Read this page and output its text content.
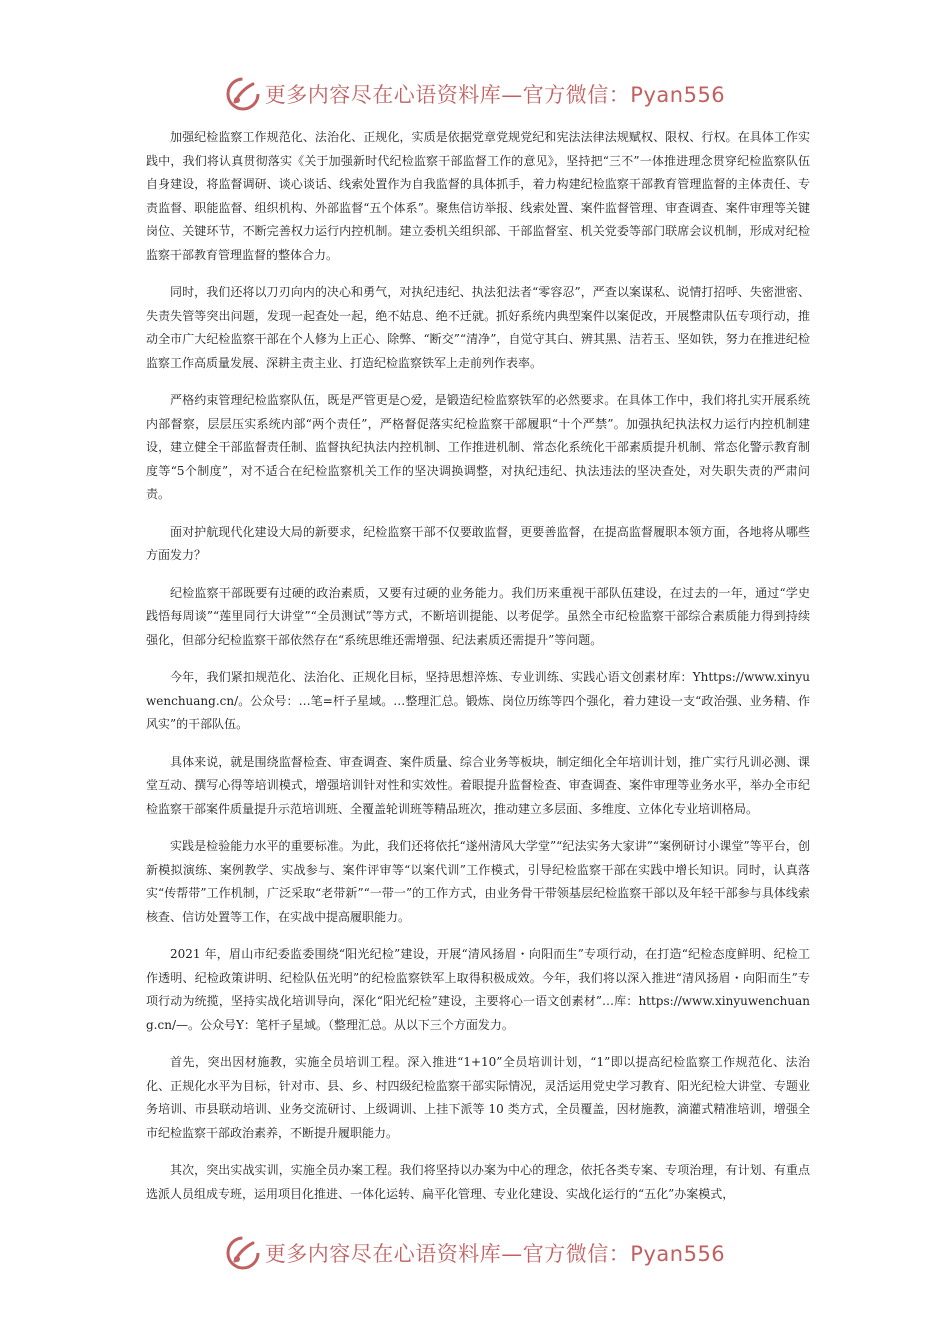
更多内容尽在心语资料库—官方微信：Pyan556

加强纪检监察工作规范化、法治化、正规化，实质是依据党章党规党纪和宪法法律法规赋权、限权、行权。在具体工作实践中，我们将认真贯彻落实《关于加强新时代纪检监察干部监督工作的意见》，坚持把“三不”一体推进理念贯穿纪检监察队伍自身建设，将监督调研、谈心谈话、线索处置作为自我监督的具体抓手，着力构建纪检监察干部教育管理监督的主体责任、专责监督、职能监督、组织机构、外部监督“五个体系”。聚焦信访举报、线索处置、案件监督管理、审查调查、案件审理等关键岗位、关键环节，不断完善权力运行内控机制。建立委机关组织部、干部监督室、机关党委等部门联席会议机制，形成对纪检监察干部教育管理监督的整体合力。

同时，我们还将以刀刃向内的决心和勇气，对执纪违纪、执法犯法者“零容忍”，严查以案谋私、说情打招呼、失密泄密、失责失管等突出问题，发现一起查处一起，绝不姑息、绝不迁就。抓好系统内典型案件以案促改，开展整肃队伍专项行动，推动全市广大纪检监察干部在个人修为上正心、除弊、“断交”“清净”，自觉守其白、辨其黑、洁若玉、坚如铁，努力在推进纪检监察工作高质量发展、深耕主责主业、打造纪检监察铁军上走前列作表率。

严格约束管理纪检监察队伍，既是严管更是○爱，是锻造纪检监察铁军的必然要求。在具体工作中，我们将扎实开展系统内部督察，层层压实系统内部“两个责任”，严格督促落实纪检监察干部履职“十个严禁”。加强执纪执法权力运行内控机制建设，建立健全干部监督责任制、监督执纪执法内控机制、工作推进机制、常态化系统化干部素质提升机制、常态化警示教育制度等“5个制度”，对不适合在纪检监察机关工作的坚决调换调整，对执纪违纪、执法违法的坚决查处，对失职失责的严肃问责。

面对护航现代化建设大局的新要求，纪检监察干部不仅要敢监督，更要善监督，在提高监督履职本领方面，各地将从哪些方面发力？

纪检监察干部既要有过硬的政治素质，又要有过硬的业务能力。我们历来重视干部队伍建设，在过去的一年，通过“学史践悟每周谈”“莲里同行大讲堂”“全员测试”等方式，不断培训提能、以考促学。虽然全市纪检监察干部综合素质能力得到持续强化，但部分纪检监察干部依然存在“系统思维还需增强、纪法素质还需提升”等问题。

今年，我们紧扣规范化、法治化、正规化目标，坚持思想淬炼、专业训练、实践心语文创素材库：Yhttps://www.xinyuwenchuang.cn/。公众号：…笔=杆子星域。…整理汇总。锻炼、岗位历练等四个强化，着力建设一支“政治强、业务精、作风实”的干部队伍。

具体来说，就是围绕监督检查、审查调查、案件质量、综合业务等板块，制定细化全年培训计划，推广实行凡训必测、课堂互动、撰写心得等培训模式，增强培训针对性和实效性。着眼提升监督检查、审查调查、案件审理等业务水平，举办全市纪检监察干部案件质量提升示范培训班、全覆盖轮训班等精品班次，推动建立多层面、多维度、立体化专业培训格局。

实践是检验能力水平的重要标准。为此，我们还将依托“遂州清风大学堂”“纪法实务大家讲”“案例研讨小课堂”等平台，创新模拟演练、案例教学、实战参与、案件评审等“以案代训”工作模式，引导纪检监察干部在实践中增长知识。同时，认真落实“传帮带”工作机制，广泛采取“老带新”“一带一”的工作方式，由业务骨干带领基层纪检监察干部以及年轻干部参与具体线索核查、信访处置等工作，在实战中提高履职能力。

2021 年，眉山市纪委监委围绕“阳光纪检”建设，开展“清风扬眉・向阳而生”专项行动，在打造“纪检态度鲜明、纪检工作透明、纪检政策讲明、纪检队伍光明”的纪检监察铁军上取得积极成效。今年，我们将以深入推进“清风扬眉・向阳而生”专项行动为统揽，坚持实战化培训导向，深化“阳光纪检”建设，主要将心一语文创素材”…库：https://www.xinyuwenchuang.cn/—。公众号Y：笔杆子星域。（整理汇总。从以下三个方面发力。

首先，突出因材施教，实施全员培训工程。深入推进“1+10”全员培训计划，“1”即以提高纪检监察工作规范化、法治化、正规化水平为目标，针对市、县、乡、村四级纪检监察干部实际情况，灵活运用党史学习教育、阳光纪检大讲堂、专题业务培训、市县联动培训、业务交流研讨、上级调训、上挂下派等 10 类方式，全员覆盖，因材施教，滴灌式精准培训，增强全市纪检监察干部政治素养，不断提升履职能力。

其次，突出实战实训，实施全员办案工程。我们将坚持以办案为中心的理念，依托各类专案、专项治理，有计划、有重点选派人员组成专班，运用项目化推进、一体化运转、扁平化管理、专业化建设、实战化运行的“五化”办案模式，

更多内容尽在心语资料库—官方微信：Pyan556
